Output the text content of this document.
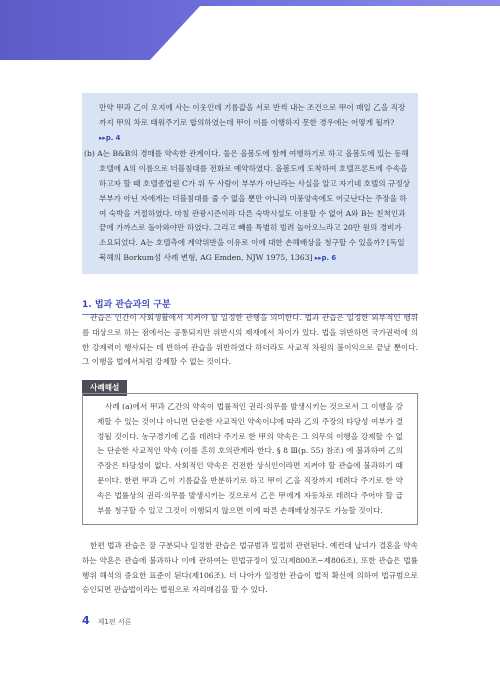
만약 甲과 乙이 오지에 사는 이웃인데 기름값을 서로 반씩 내는 조건으로 甲이 매일 乙을 직장까지 甲의 차로 태워주기로 합의하였는데 甲이 이를 이행하지 못한 경우에는 어떻게 될까? ▸▸p. 4

(b) A는 B&B의 경매를 약속한 관계이다. 둘은 올봄도에 함께 여행하기로 하고 올봄도에 있는 동해호텔에 A의 이름으로 더블침대를 전화로 예약하였다. 올봄도에 도착하여 호텔프론트에 수속을 하고자 할 때 호텔종업원 C가 위 두 사람이 부부가 아닌라는 사실을 알고 자기네 호텔의 규정상 부부가 아닌 자에게는 더블침대를 줄 수 없을 뿐만 아니라 미풍양속에도 어긋난다는 주장을 하여 숙박을 거절하였다. 마침 관광시즌이라 다른 숙박시설도 이용할 수 없어 A와 B는 친척인과 끝에 가까스로 돌아와야만 하였다. 그리고 빼를 특별히 빌려 놀아오느라고 20만 원의 경비가 소요되었다. A는 호텔측에 계약위반을 이유로 이에 대한 손해배상을 청구할 수 있을까? [독일 북해의 Borkum섬 사례 변형, AG Emden, NJW 1975, 1363] ▸▸p. 6

1. 법과 관습과의 구분

관습은 인간이 사회생활에서 지켜야 할 일정한 관행을 의미한다. 법과 관습은 일정한 외부적인 행위를 대상으로 하는 점에서는 공통되지만 위반시의 제재에서 차이가 있다. 법을 위반하면 국가권력에 의한 강제력이 행사되는 데 반하여 관습을 위반하였다 하더라도 사교적 차원의 불이익으로 끝날 뿐이다. 그 이행을 법에서처럼 강제할 수 없는 것이다.

사례해설

사례 (a)에서 甲과 乙간의 약속이 법률적인 권리·의무를 발생시키는 것으로서 그 이행을 강제할 수 있는 것이냐 아니면 단순한 사교적인 약속이냐에 따라 乙의 주장의 타당성 여부가 결정될 것이다. 농구경기에 乙을 데려다 주기로 한 甲의 약속은 그 의무의 이행을 강제할 수 없는 단순한 사교적인 약속 (이를 흔히 호의관계라 한다. § 8 Ⅲ(p. 55) 참조) 에 불과하여 乙의 주장은 타당성이 없다. 사회적인 약속은 건전한 상식인이라면 지켜야 할 관습에 불과하기 때문이다. 한편 甲과 乙이 기름값을 반분하기로 하고 甲이 乙을 직장까지 데려다 주기로 한 약속은 법률상의 권리·의무를 발생시키는 것으로서 乙은 甲에게 자동차로 데려다 주어야 할 급부를 청구할 수 있고 그것이 이행되지 않으면 이에 따른 손해배상청구도 가능할 것이다.

한편 법과 관습은 잘 구분되나 일정한 관습은 법규범과 밀접히 관련된다. 예컨대 납녀가 결혼을 약속하는 약혼은 관습에 불과하나 이에 관하여는 민법규정이 있고(제800조~제806조), 또한 관습은 법률행위 해석의 중요한 표준이 된다(제106조). 더 나아가 일정한 관습이 법적 확신에 의하여 법규범으로 승인되면 관습법이라는 법원으로 자리매김을 할 수 있다.

4 제1편 서론
